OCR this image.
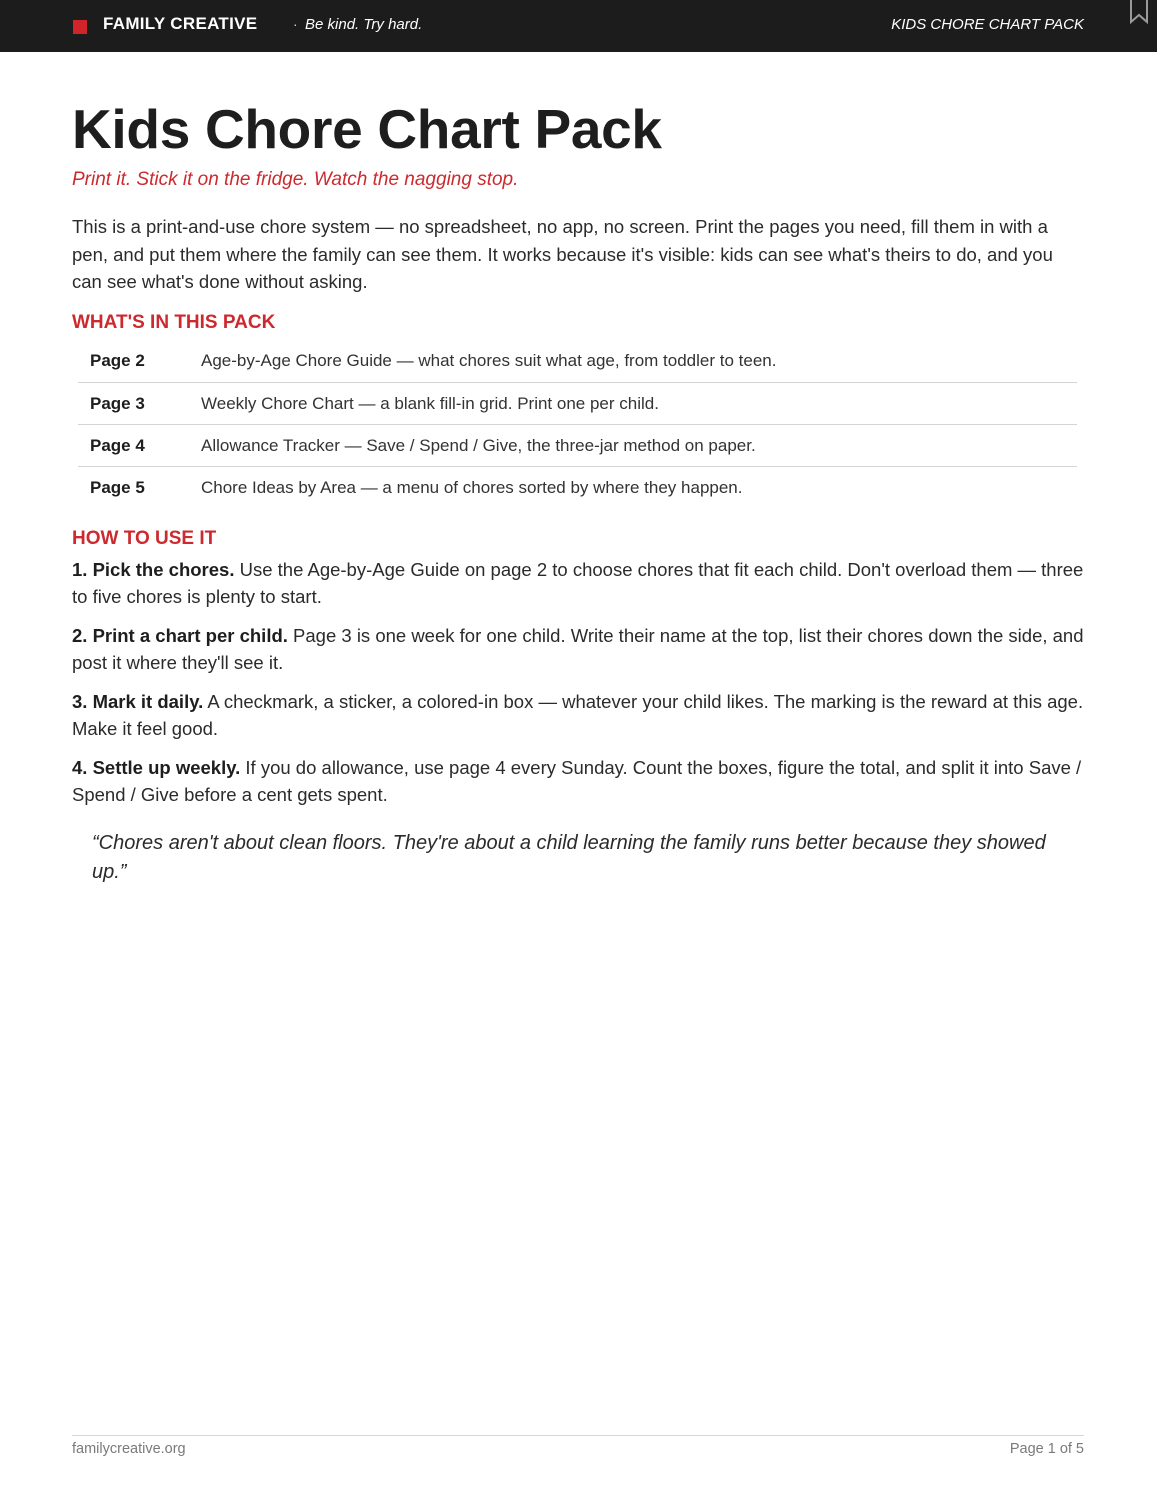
FAMILY CREATIVE	· Be kind. Try hard.	KIDS CHORE CHART PACK
Kids Chore Chart Pack
Print it. Stick it on the fridge. Watch the nagging stop.

This is a print-and-use chore system — no spreadsheet, no app, no screen. Print the pages you need, fill them in with a pen, and put them where the family can see them. It works because it's visible: kids can see what's theirs to do, and you can see what's done without asking.

WHAT'S IN THIS PACK
Page 2	Age-by-Age Chore Guide — what chores suit what age, from toddler to teen.
Page 3	Weekly Chore Chart — a blank fill-in grid. Print one per child.
Page 4	Allowance Tracker — Save / Spend / Give, the three-jar method on paper.
Page 5	Chore Ideas by Area — a menu of chores sorted by where they happen.
HOW TO USE IT

1. Pick the chores. Use the Age-by-Age Guide on page 2 to choose chores that fit each child. Don't overload them — three to five chores is plenty to start.

2. Print a chart per child. Page 3 is one week for one child. Write their name at the top, list their chores down the side, and post it where they'll see it.

3. Mark it daily. A checkmark, a sticker, a colored-in box — whatever your child likes. The marking is the reward at this age. Make it feel good.

4. Settle up weekly. If you do allowance, use page 4 every Sunday. Count the boxes, figure the total, and split it into Save / Spend / Give before a cent gets spent.

“Chores aren't about clean floors. They're about a child learning the family runs better because they showed up.”

familycreative.org	Page 1 of 5
